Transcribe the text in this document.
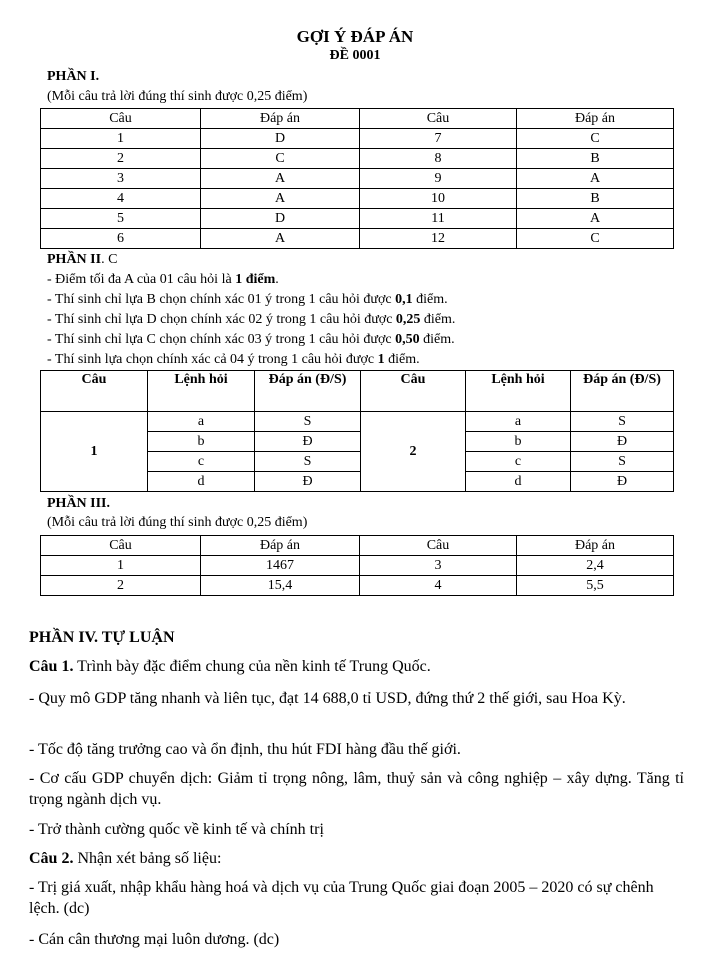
GỢI Ý ĐÁP ÁN
ĐỀ 0001
PHẦN I.
(Mỗi câu trả lời đúng thí sinh được 0,25 điểm)
Câu	Đáp án	Câu	Đáp án
1	D	7	C
2	C	8	B
3	A	9	A
4	A	10	B
5	D	11	A
6	A	12	C
PHẦN II. C
- Điểm tối đa A của 01 câu hỏi là 1 điểm.
- Thí sinh chỉ lựa B chọn chính xác 01 ý trong 1 câu hỏi được 0,1 điểm.
- Thí sinh chỉ lựa D chọn chính xác 02 ý trong 1 câu hỏi được 0,25 điểm.
- Thí sinh chỉ lựa C chọn chính xác 03 ý trong 1 câu hỏi được 0,50 điểm.
- Thí sinh lựa chọn chính xác cả 04 ý trong 1 câu hỏi được 1 điểm.
Câu	Lệnh hỏi	Đáp án (Đ/S)	Câu	Lệnh hỏi	Đáp án (Đ/S)
1	a	S	2	a	S
	b	Đ		b	Đ
	c	S		c	S
	d	Đ		d	Đ
PHẦN III.
(Mỗi câu trả lời đúng thí sinh được 0,25 điểm)
Câu	Đáp án	Câu	Đáp án
1	1467	3	2,4
2	15,4	4	5,5
PHẦN IV. TỰ LUẬN
Câu 1. Trình bày đặc điểm chung của nền kinh tế Trung Quốc.
- Quy mô GDP tăng nhanh và liên tục, đạt 14 688,0 tỉ USD, đứng thứ 2 thế giới, sau Hoa Kỳ.
- Tốc độ tăng trưởng cao và ổn định, thu hút FDI hàng đầu thế giới.
- Cơ cấu GDP chuyển dịch: Giảm tỉ trọng nông, lâm, thuỷ sản và công nghiệp – xây dựng. Tăng tỉ trọng ngành dịch vụ.
- Trở thành cường quốc về kinh tế và chính trị
Câu 2. Nhận xét bảng số liệu:
- Trị giá xuất, nhập khẩu hàng hoá và dịch vụ của Trung Quốc giai đoạn 2005 – 2020 có sự chênh lệch. (dc)
- Cán cân thương mại luôn dương. (dc)
